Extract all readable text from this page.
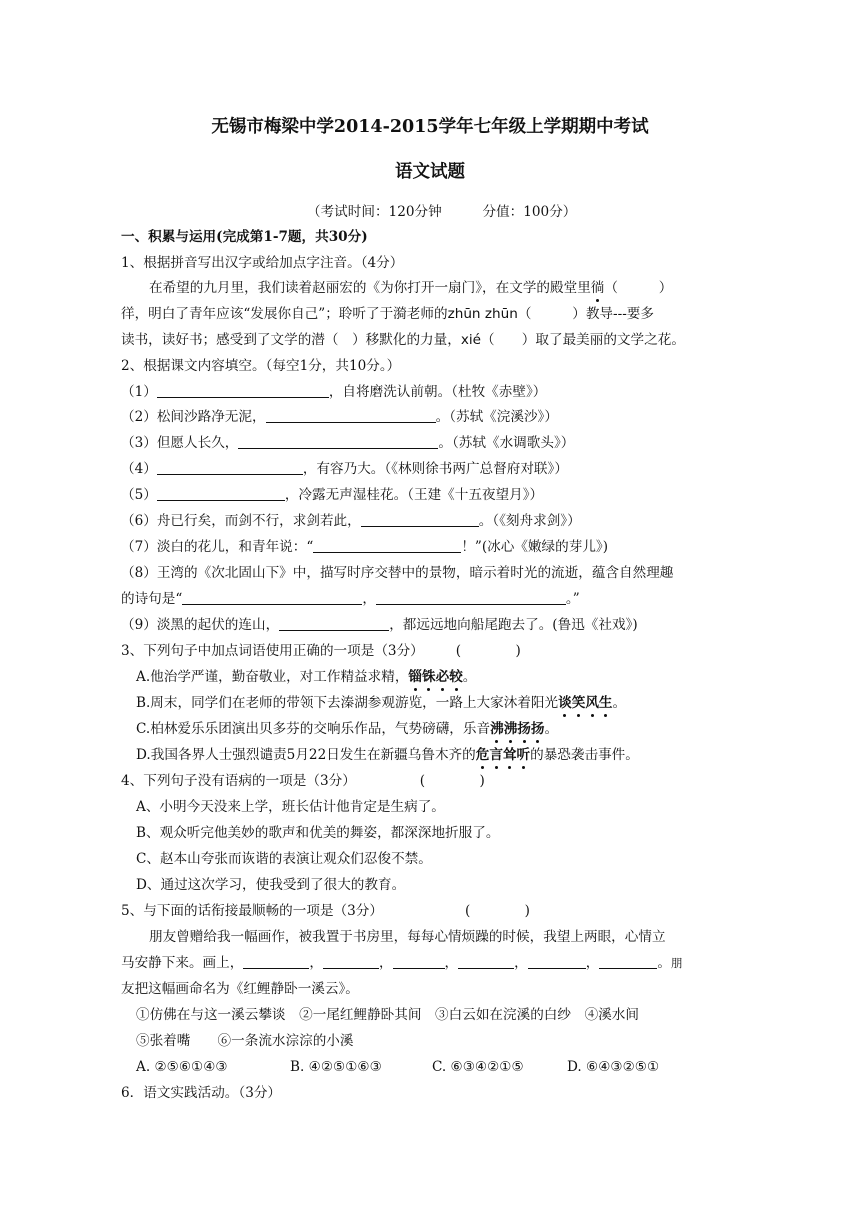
无锡市梅梁中学2014-2015学年七年级上学期期中考试
语文试题
（考试时间：120分钟　　　分值：100分）
一、积累与运用(完成第1-7题，共30分)
1、根据拼音写出汉字或给加点字注音。（4分）
在希望的九月里，我们读着赵丽宏的《为你打开一扇门》，在文学的殿堂里徜（　　　）
徉，明白了青年应该“发展你自己”；聆听了于漪老师的zhūn zhūn（　　　）教导---要多
读书，读好书；感受到了文学的潜（　）移默化的力量，xié（　　）取了最美丽的文学之花。
2、根据课文内容填空。（每空1分，共10分。）
（1）	，自将磨洗认前朝。（杜牧《赤壁》）
（2）松间沙路净无泥，	。（苏轼《浣溪沙》）
（3）但愿人长久，	。（苏轼《水调歌头》）
（4）	，有容乃大。（《林则徐书两广总督府对联》）
（5）	，冷露无声湿桂花。（王建《十五夜望月》）
（6）舟已行矣，而剑不行，求剑若此，	。（《刻舟求剑》）
（7）淡白的花儿，和青年说：“	！”(冰心《嫩绿的芽儿》)
（8）王湾的《次北固山下》中，描写时序交替中的景物，暗示着时光的流逝，蕴含自然理趣
的诗句是“	，	。”
（9）淡黑的起伏的连山，	，都远远地向船尾跑去了。(鲁迅《社戏》)
3、下列句子中加点词语使用正确的一项是（3分） (　　　　)
A.他治学严谨，勤奋敬业，对工作精益求精，锱铢必较。
B.周末，同学们在老师的带领下去溱湖参观游览，一路上大家沐着阳光谈笑风生。
C.柏林爱乐乐团演出贝多芬的交响乐作品，气势磅礴，乐音沸沸扬扬。
D.我国各界人士强烈谴责5月22日发生在新疆乌鲁木齐的危言耸听的暴恐袭击事件。
4、下列句子没有语病的一项是（3分）	(　　　　)
A、小明今天没来上学，班长估计他肯定是生病了。
B、观众听完他美妙的歌声和优美的舞姿，都深深地折服了。
C、赵本山夸张而诙谐的表演让观众们忍俊不禁。
D、通过这次学习，使我受到了很大的教育。
5、与下面的话衔接最顺畅的一项是（3分）	(　　　　)
朋友曾赠给我一幅画作，被我置于书房里，每每心情烦躁的时候，我望上两眼，心情立
马安静下来。画上，	，	，	，	，	，	。朋
友把这幅画命名为《红鲤静卧一溪云》。
①仿佛在与这一溪云攀谈　②一尾红鲤静卧其间　③白云如在浣溪的白纱　④溪水间
⑤张着嘴　　⑥一条流水淙淙的小溪
A. ②⑤⑥①④③	B. ④②⑤①⑥③	C. ⑥③④②①⑤	D. ⑥④③②⑤①
6．语文实践活动。（3分）
